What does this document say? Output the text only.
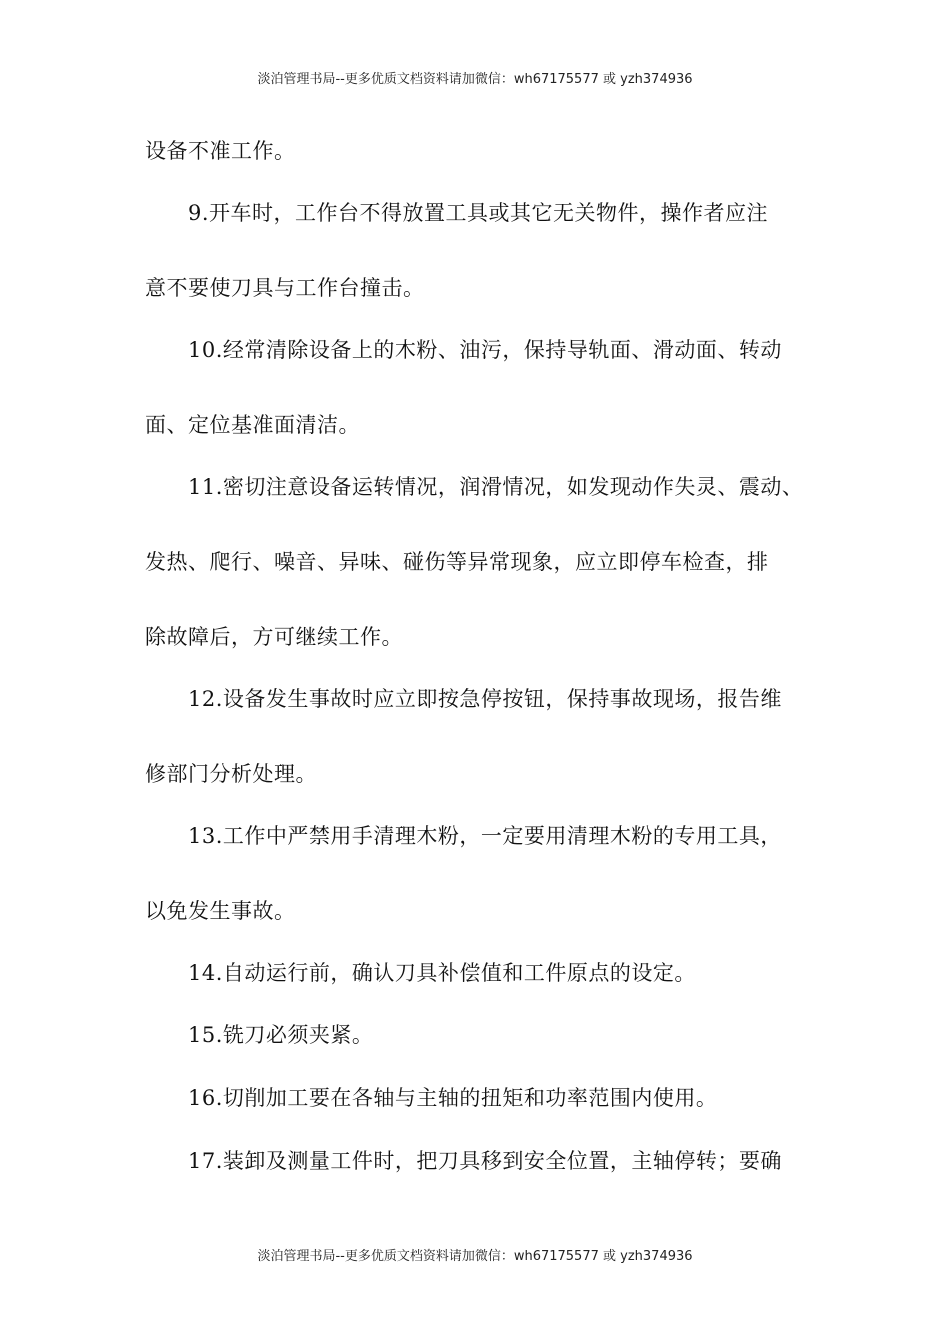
淡泊管理书局--更多优质文档资料请加微信：wh67175577 或 yzh374936
设备不准工作。
9.开车时，工作台不得放置工具或其它无关物件，操作者应注
意不要使刀具与工作台撞击。
10.经常清除设备上的木粉、油污，保持导轨面、滑动面、转动
面、定位基准面清洁。
11.密切注意设备运转情况，润滑情况，如发现动作失灵、震动、
发热、爬行、噪音、异味、碰伤等异常现象，应立即停车检查，排
除故障后，方可继续工作。
12.设备发生事故时应立即按急停按钮，保持事故现场，报告维
修部门分析处理。
13.工作中严禁用手清理木粉，一定要用清理木粉的专用工具，
以免发生事故。
14.自动运行前，确认刀具补偿值和工件原点的设定。
15.铣刀必须夹紧。
16.切削加工要在各轴与主轴的扭矩和功率范围内使用。
17.装卸及测量工件时，把刀具移到安全位置，主轴停转；要确
淡泊管理书局--更多优质文档资料请加微信：wh67175577 或 yzh374936
